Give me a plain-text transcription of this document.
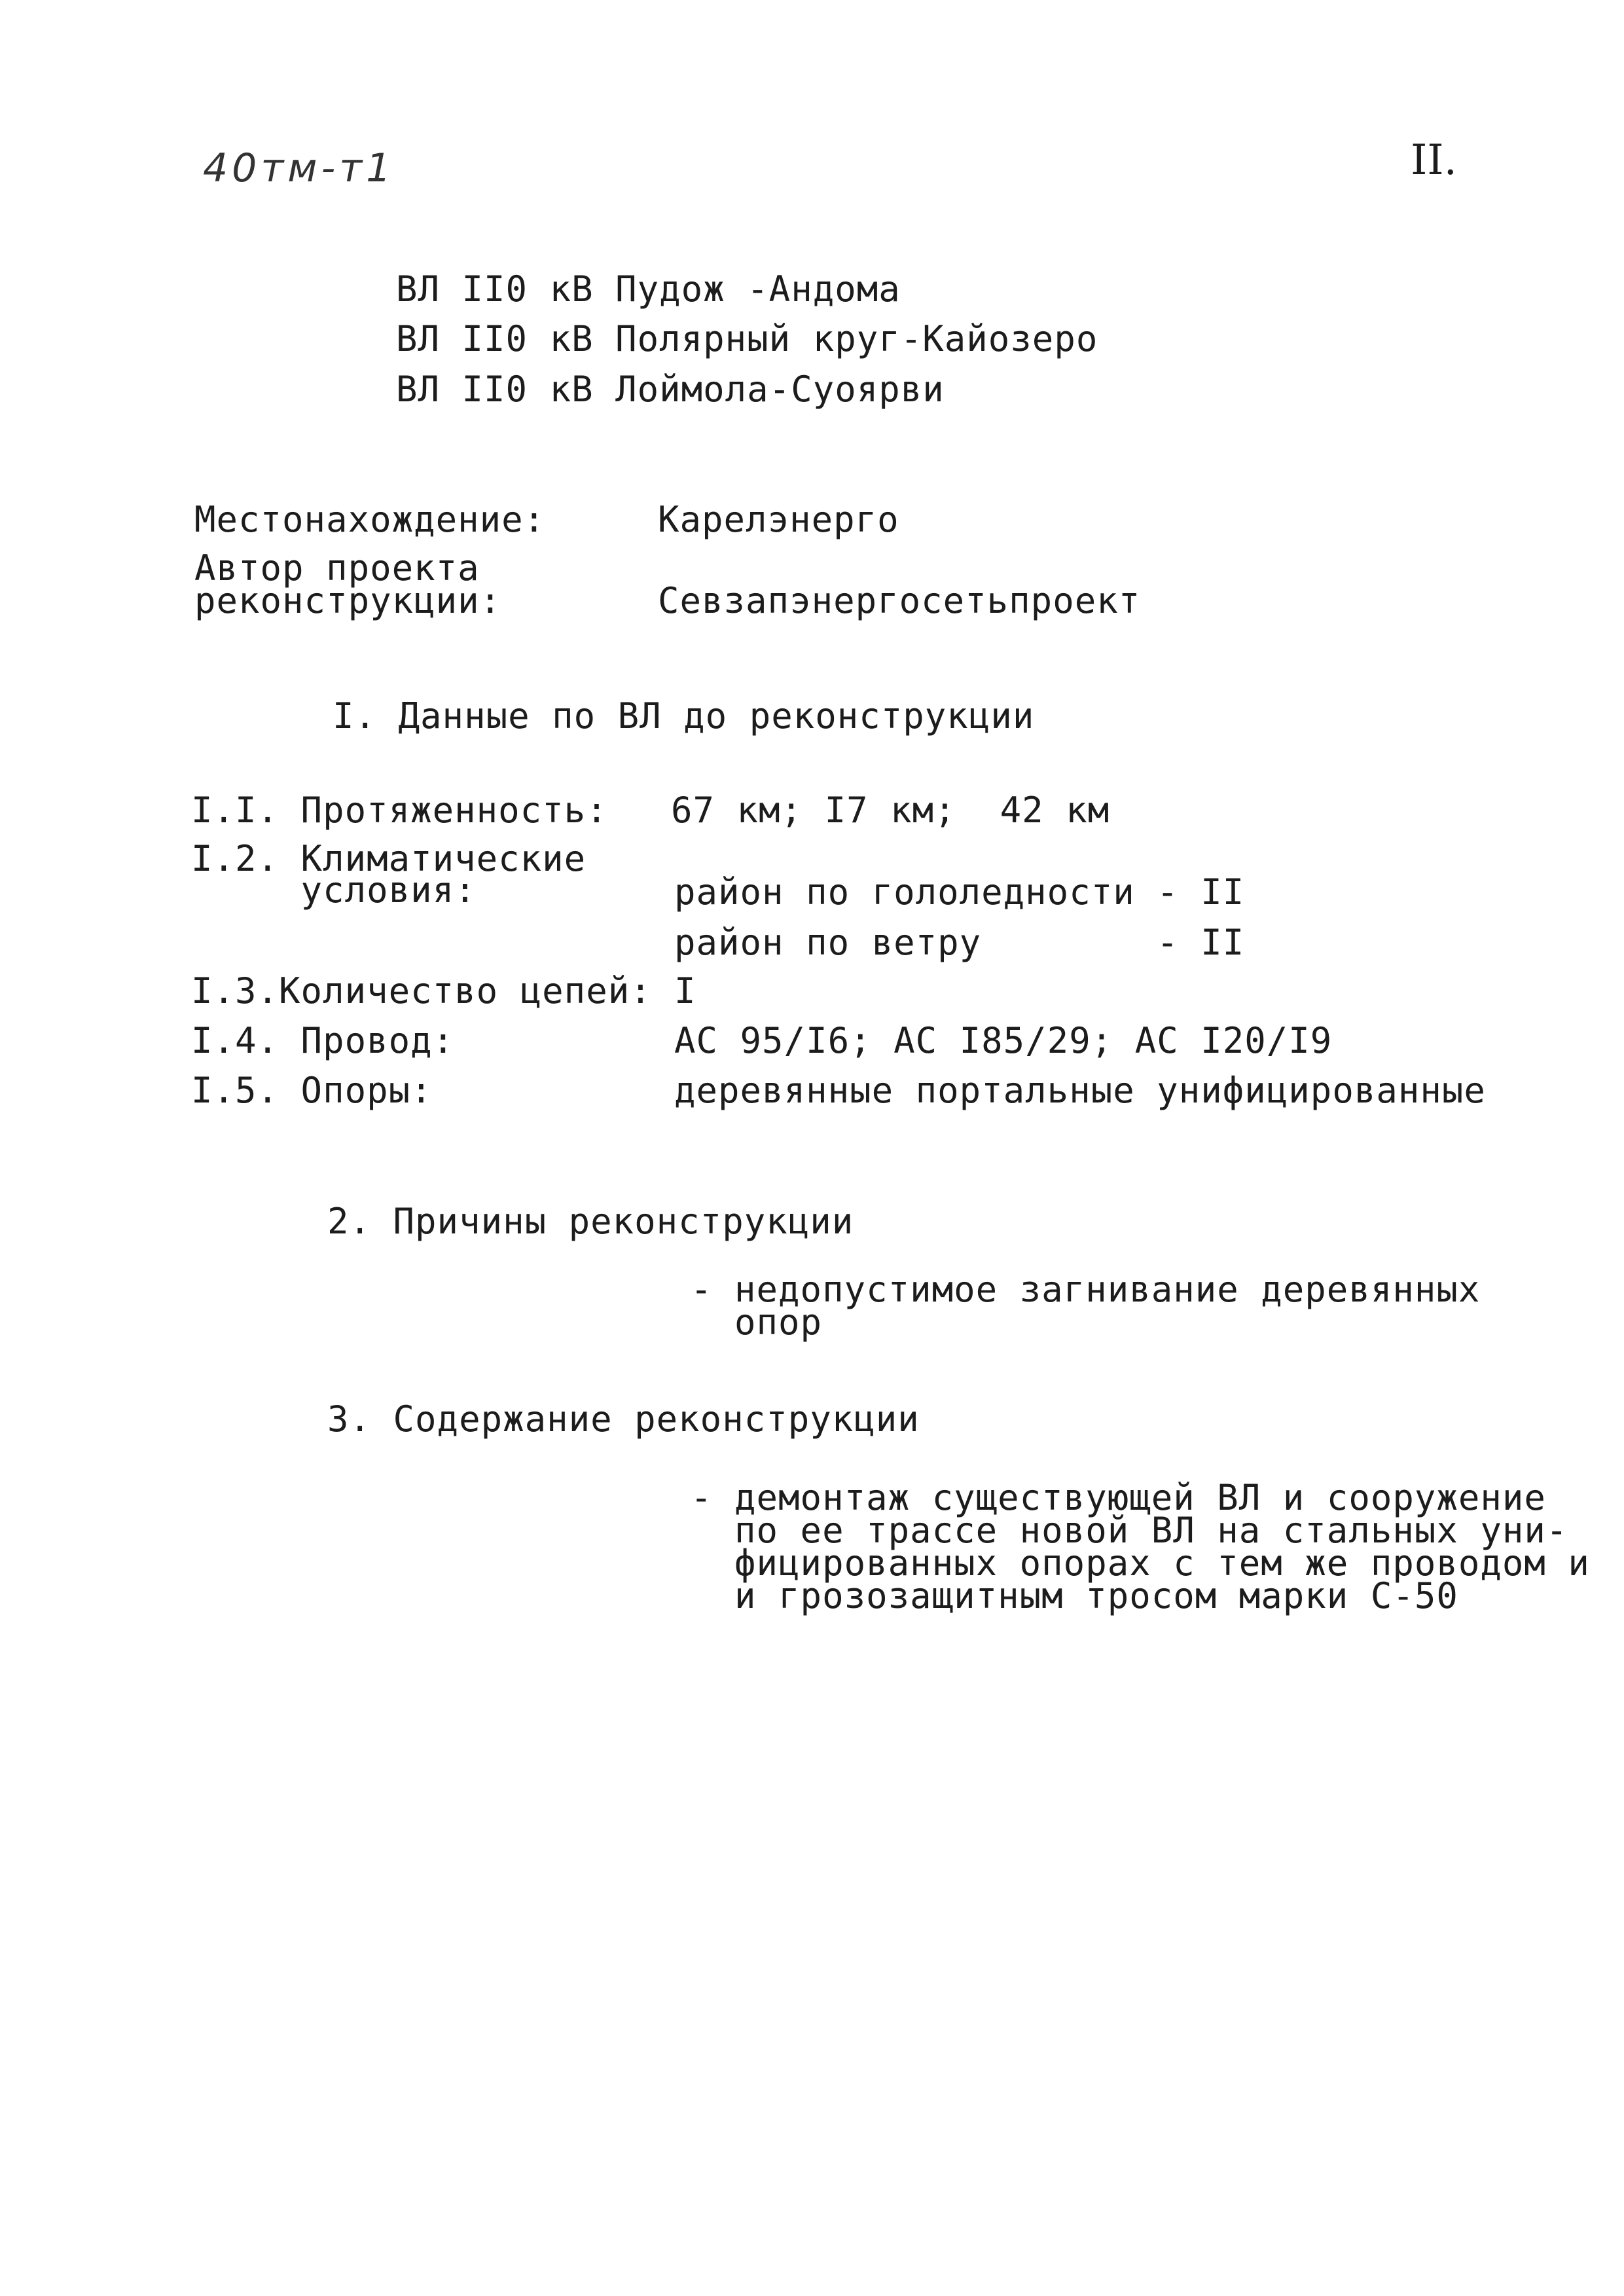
40тм-т1	II.
ВЛ II0 кВ Пудож -Андома
ВЛ II0 кВ Полярный круг-Кайозеро
ВЛ II0 кВ Лоймола-Суоярви
Местонахождение:	Карелэнерго
Автор проекта
реконструкции:	Севзапэнергосетьпроект
I. Данные по ВЛ до реконструкции
I.I. Протяженность: 67 км; I7 км;  42 км
I.2. Климатические
условия:	район по гололедности - II
район по ветру        - II
I.3.Количество цепей: I
I.4. Провод:	АС 95/I6; АС I85/29; АС I20/I9
I.5. Опоры:	деревянные портальные унифицированные
2. Причины реконструкции
- недопустимое загнивание деревянных
опор
3. Содержание реконструкции
- демонтаж существующей ВЛ и сооружение
по ее трассе новой ВЛ на стальных уни-
фицированных опорах с тем же проводом и
и грозозащитным тросом марки С-50
